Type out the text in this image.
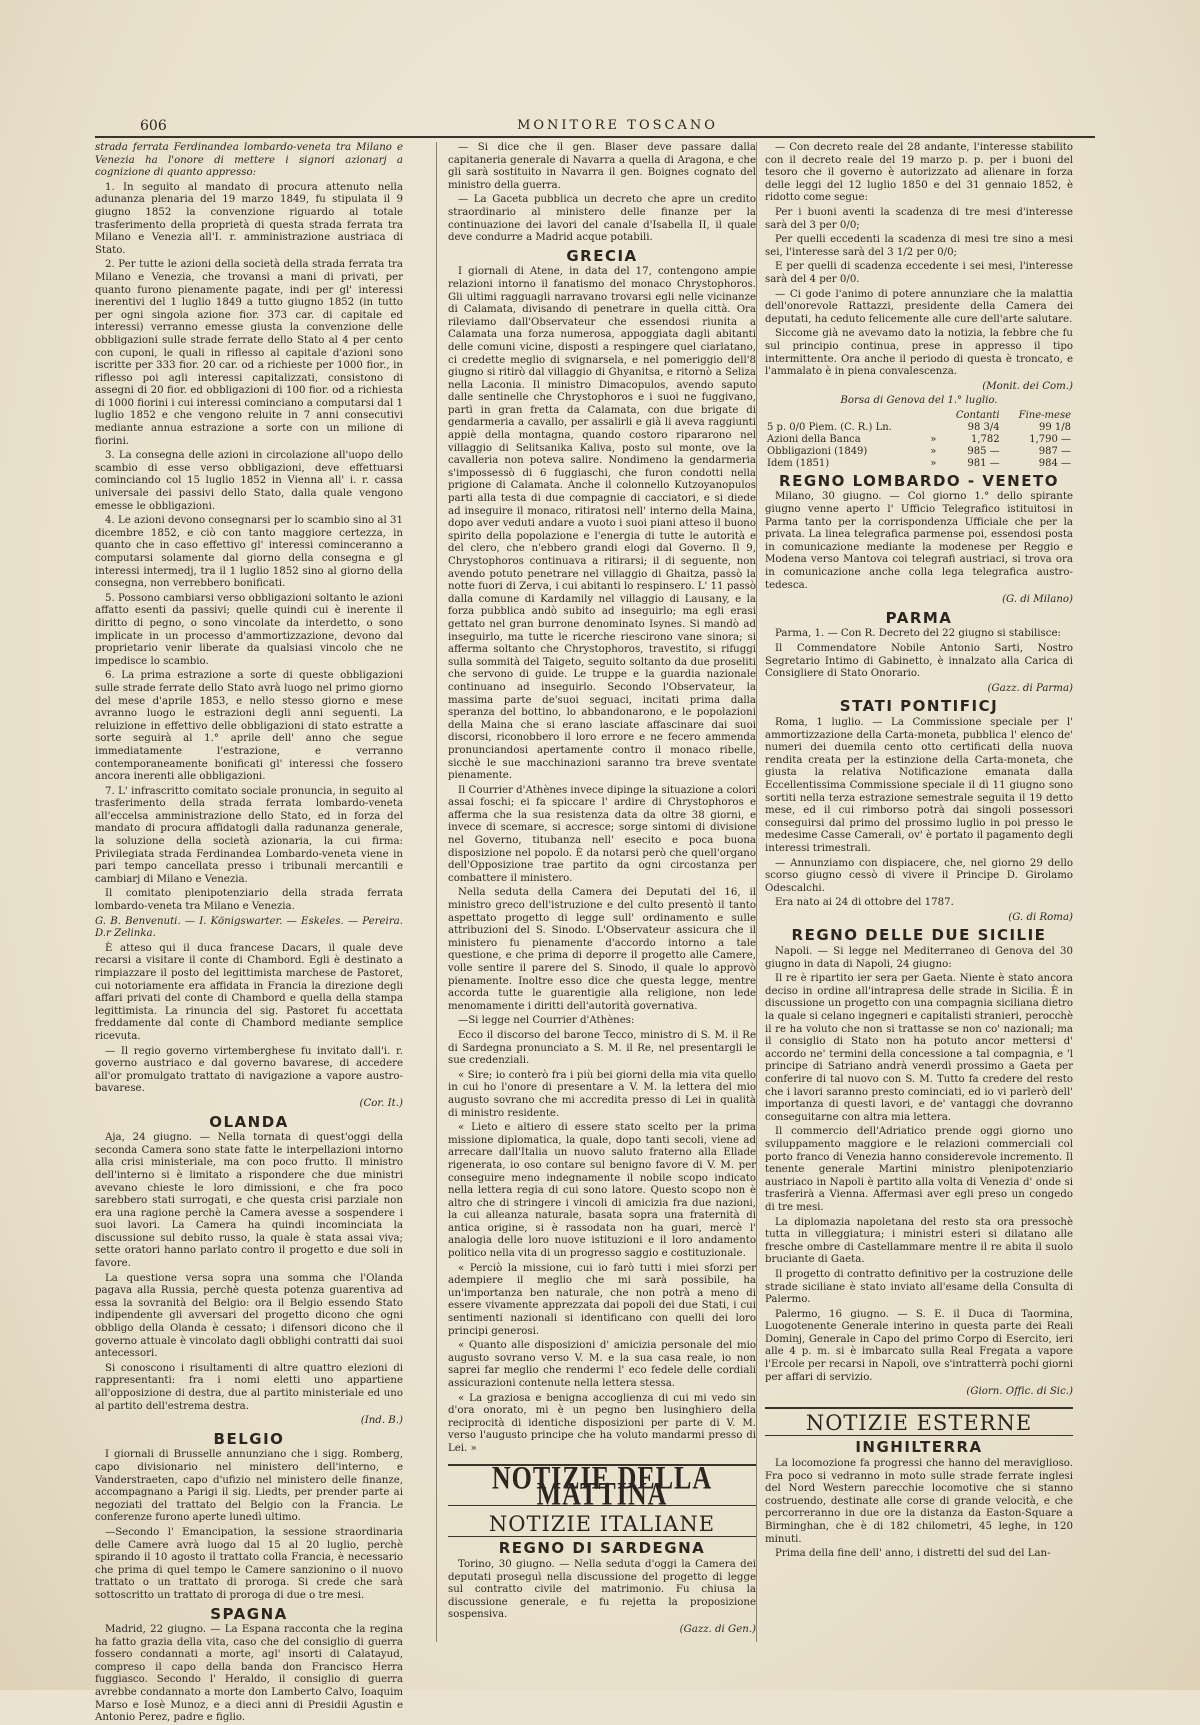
606	MONITORE TOSCANO

strada ferrata Ferdinandea lombardo-veneta tra Milano e Venezia ha l'onore di mettere i signori azionarj a cognizione di quanto appresso:

1. In seguito al mandato di procura attenuto nella adunanza plenaria del 19 marzo 1849, fu stipulata il 9 giugno 1852 la convenzione riguardo al totale trasferimento della proprietà di questa strada ferrata tra Milano e Venezia all'I. r. amministrazione austriaca di Stato.

2. Per tutte le azioni della società della strada ferrata tra Milano e Venezia, che trovansi a mani di privati, per quanto furono pienamente pagate, indi per gl' interessi inerentivi del 1 luglio 1849 a tutto giugno 1852 (in tutto per ogni singola azione fior. 373 car. di capitale ed interessi) verranno emesse giusta la convenzione delle obbligazioni sulle strade ferrate dello Stato al 4 per cento con cuponi, le quali in riflesso al capitale d'azioni sono iscritte per 333 fior. 20 car. od a richieste per 1000 fior., in riflesso poi agli interessi capitalizzati, consistono di assegni di 20 fior. ed obbligazioni di 100 fior. od a richiesta di 1000 fiorini i cui interessi cominciano a computarsi dal 1 luglio 1852 e che vengono reluite in 7 anni consecutivi mediante annua estrazione a sorte con un milione di fiorini.

3. La consegna delle azioni in circolazione all'uopo dello scambio di esse verso obbligazioni, deve effettuarsi cominciando col 15 luglio 1852 in Vienna all' i. r. cassa universale dei passivi dello Stato, dalla quale vengono emesse le obbligazioni.

4. Le azioni devono consegnarsi per lo scambio sino al 31 dicembre 1852, e ciò con tanto maggiore certezza, in quanto che in caso effettivo gl' interessi cominceranno a computarsi solamente dal giorno della consegna e gl interessi intermedj, tra il 1 luglio 1852 sino al giorno della consegna, non verrebbero bonificati.

5. Possono cambiarsi verso obbligazioni soltanto le azioni affatto esenti da passivi; quelle quindi cui è inerente il diritto di pegno, o sono vincolate da interdetto, o sono implicate in un processo d'ammortizzazione, devono dal proprietario venir liberate da qualsiasi vincolo che ne impedisce lo scambio.

6. La prima estrazione a sorte di queste obbligazioni sulle strade ferrate dello Stato avrà luogo nel primo giorno del mese d'aprile 1853, e nello stesso giorno e mese avranno luogo le estrazioni degli anni seguenti. La reluizione in effettivo delle obbligazioni di stato estratte a sorte seguirà al 1.° aprile dell' anno che segue immediatamente l'estrazione, e verranno contemporaneamente bonificati gl' interessi che fossero ancora inerenti alle obbligazioni.

7. L' infrascritto comitato sociale pronuncia, in seguito al trasferimento della strada ferrata lombardo-veneta all'eccelsa amministrazione dello Stato, ed in forza del mandato di procura affidatogli dalla radunanza generale, la soluzione della società azionaria, la cui firma: Privilegiata strada Ferdinandea Lombardo-veneta viene in pari tempo cancellata presso i tribunali mercantili e cambiarj di Milano e Venezia.

Il comitato plenipotenziario della strada ferrata lombardo-veneta tra Milano e Venezia.

G. B. Benvenuti. — I. Königswarter. — Eskeles. — Pereira. D.r Zelinka.

È atteso qui il duca francese Dacars, il quale deve recarsi a visitare il conte di Chambord. Egli è destinato a rimpiazzare il posto del legittimista marchese de Pastoret, cui notoriamente era affidata in Francia la direzione degli affari privati del conte di Chambord e quella della stampa legittimista. La rinuncia del sig. Pastoret fu accettata freddamente dal conte di Chambord mediante semplice ricevuta.

— Il regio governo virtemberghese fu invitato dall'i. r. governo austriaco e dal governo bavarese, di accedere all'or promulgato trattato di navigazione a vapore austro-bavarese.

(Cor. It.)

OLANDA

Aja, 24 giugno. — Nella tornata di quest'oggi della seconda Camera sono state fatte le interpellazioni intorno alla crisi ministeriale, ma con poco frutto. Il ministro dell'interno si è limitato a rispondere che due ministri avevano chieste le loro dimissioni, e che fra poco sarebbero stati surrogati, e che questa crisi parziale non era una ragione perchè la Camera avesse a sospendere i suoi lavori. La Camera ha quindi incominciata la discussione sul debito russo, la quale è stata assai viva; sette oratori hanno parlato contro il progetto e due soli in favore.

La questione versa sopra una somma che l'Olanda pagava alla Russia, perchè questa potenza guarentiva ad essa la sovranità del Belgio: ora il Belgio essendo Stato indipendente gli avversari del progetto dicono che ogni obbligo della Olanda è cessato; i difensori dicono che il governo attuale è vincolato dagli obblighi contratti dai suoi antecessori.

Si conoscono i risultamenti di altre quattro elezioni di rappresentanti: fra i nomi eletti uno appartiene all'opposizione di destra, due al partito ministeriale ed uno al partito dell'estrema destra.

(Ind. B.)

BELGIO

I giornali di Brusselle annunziano che i sigg. Romberg, capo divisionario nel ministero dell'interno, e Vanderstraeten, capo d'ufizio nel ministero delle finanze, accompagnano a Parigi il sig. Liedts, per prender parte ai negoziati del trattato del Belgio con la Francia. Le conferenze furono aperte lunedì ultimo.

—Secondo l' Emancipation, la sessione straordinaria delle Camere avrà luogo dal 15 al 20 luglio, perchè spirando il 10 agosto il trattato colla Francia, è necessario che prima di quel tempo le Camere sanzionino o il nuovo trattato o un trattato di proroga. Si crede che sarà sottoscritto un trattato di proroga di due o tre mesi.

SPAGNA

Madrid, 22 giugno. — La Espana racconta che la regina ha fatto grazia della vita, caso che del consiglio di guerra fossero condannati a morte, agl' insorti di Calatayud, compreso il capo della banda don Francisco Herra fuggiasco. Secondo l' Heraldo, il consiglio di guerra avrebbe condannato a morte don Lamberto Calvo, Ioaquim Marso e Iosè Munoz, e a dieci anni di Presidii Agustin e Antonio Perez, padre e figlio.

— Si dice che il gen. Blaser deve passare dalla capitaneria generale di Navarra a quella di Aragona, e che gli sarà sostituito in Navarra il gen. Boignes cognato del ministro della guerra.

— La Gaceta pubblica un decreto che apre un credito straordinario al ministero delle finanze per la continuazione dei lavori del canale d'Isabella II, il quale deve condurre a Madrid acque potabili.

GRECIA

I giornali di Atene, in data del 17, contengono ampie relazioni intorno il fanatismo del monaco Chrystophoros. Gli ultimi ragguagli narravano trovarsi egli nelle vicinanze di Calamata, divisando di penetrare in quella città. Ora rileviamo dall'Observateur che essendosi riunita a Calamata una forza numerosa, appoggiata dagli abitanti delle comuni vicine, disposti a respingere quel ciarlatano, ci credette meglio di svignarsela, e nel pomeriggio dell'8 giugno si ritirò dal villaggio di Ghyanitsa, e ritornò a Seliza nella Laconia. Il ministro Dimacopulos, avendo saputo dalle sentinelle che Chrystophoros e i suoi ne fuggivano, partì in gran fretta da Calamata, con due brigate di gendarmeria a cavallo, per assalirli e già li aveva raggiunti appiè della montagna, quando costoro ripararono nel villaggio di Selitsanika Kaliva, posto sul monte, ove la cavalleria non poteva salire. Nondimeno la gendarmeria s'impossessò di 6 fuggiaschi, che furon condotti nella prigione di Calamata. Anche il colonnello Kutzoyanopulos parti alla testa di due compagnie di cacciatori, e si diede ad inseguire il monaco, ritiratosi nell' interno della Maina, dopo aver veduti andare a vuoto i suoi piani atteso il buono spirito della popolazione e l'energia di tutte le autorità e del clero, che n'ebbero grandi elogi dal Governo. Il 9, Chrystophoros continuava a ritirarsi; il di seguente, non avendo potuto penetrare nel villaggio di Ghaitza, passò la notte fuori di Zerva, i cui abitanti lo respinsero. L' 11 passò dalla comune di Kardamily nel villaggio di Lausany, e la forza pubblica andò subito ad inseguirlo; ma egli erasi gettato nel gran burrone denominato Isynes. Si mandò ad inseguirlo, ma tutte le ricerche riescirono vane sinora; si afferma soltanto che Chrystophoros, travestito, si rifuggi sulla sommità del Taigeto, seguito soltanto da due proseliti che servono di guide. Le truppe e la guardia nazionale continuano ad inseguirlo. Secondo l'Observateur, la massima parte de'suoi seguaci, incitati prima dalla speranza del bottino, lo abbandonarono, e le popolazioni della Maina che si erano lasciate affascinare dai suoi discorsi, riconobbero il loro errore e ne fecero ammenda pronunciandosi apertamente contro il monaco ribelle, sicchè le sue macchinazioni saranno tra breve sventate pienamente.

Il Courrier d'Athènes invece dipinge la situazione a colori assai foschi; ei fa spiccare l' ardire di Chrystophoros e afferma che la sua resistenza data da oltre 38 giorni, e invece di scemare, si accresce; sorge sintomi di divisione nel Governo, titubanza nell' esecito e poca buona disposizione nel popolo. È da notarsi però che quell'organo dell'Opposizione trae partito da ogni circostanza per combattere il ministero.

Nella seduta della Camera dei Deputati del 16, il ministro greco dell'istruzione e del culto presentò il tanto aspettato progetto di legge sull' ordinamento e sulle attribuzioni del S. Sinodo. L'Observateur assicura che il ministero fu pienamente d'accordo intorno a tale questione, e che prima di deporre il progetto alle Camere, volle sentire il parere del S. Sinodo, il quale lo approvò pienamente. Inoltre esso dice che questa legge, mentre accorda tutte le guarentigie alla religione, non lede menomamente i diritti dell'autorità governativa.

—Si legge nel Courrier d'Athènes:

Ecco il discorso del barone Tecco, ministro di S. M. il Re di Sardegna pronunciato a S. M. il Re, nel presentargli le sue credenziali.

« Sire; io conterò fra i più bei giorni della mia vita quello in cui ho l'onore di presentare a V. M. la lettera del mio augusto sovrano che mi accredita presso di Lei in qualità di ministro residente.

« Lieto e altiero di essere stato scelto per la prima missione diplomatica, la quale, dopo tanti secoli, viene ad arrecare dall'Italia un nuovo saluto fraterno alla Ellade rigenerata, io oso contare sul benigno favore di V. M. per conseguire meno indegnamente il nobile scopo indicato nella lettera regia di cui sono latore. Questo scopo non è altro che di stringere i vincoli di amicizia fra due nazioni, la cui alleanza naturale, basata sopra una fraternità di antica origine, si è rassodata non ha guari, mercè l' analogia delle loro nuove istituzioni e il loro andamento politico nella vita di un progresso saggio e costituzionale.

« Perciò la missione, cui io farò tutti i miei sforzi per adempiere il meglio che mi sarà possibile, ha un'importanza ben naturale, che non potrà a meno di essere vivamente apprezzata dai popoli dei due Stati, i cui sentimenti nazionali si identificano con quelli dei loro principi generosi.

« Quanto alle disposizioni d' amicizia personale del mio augusto sovrano verso V. M. e la sua casa reale, io non saprei far meglio che rendermi l' eco fedele delle cordiali assicurazioni contenute nella lettera stessa.

« La graziosa e benigna accoglienza di cui mi vedo sin d'ora onorato, mi è un pegno ben lusinghiero della reciprocità di identiche disposizioni per parte di V. M. verso l'augusto principe che ha voluto mandarmi presso di Lei. »

NOTIZIE DELLA MATTINA
NOTIZIE ITALIANE
REGNO DI SARDEGNA

Torino, 30 giugno. — Nella seduta d'oggi la Camera dei deputati proseguì nella discussione del progetto di legge sul contratto civile del matrimonio. Fu chiusa la discussione generale, e fu rejetta la proposizione sospensiva.

(Gazz. di Gen.)

— Con decreto reale del 28 andante, l'interesse stabilito con il decreto reale del 19 marzo p. p. per i buoni del tesoro che il governo è autorizzato ad alienare in forza delle leggi del 12 luglio 1850 e del 31 gennaio 1852, è ridotto come segue:

Per i buoni aventi la scadenza di tre mesi d'interesse sarà del 3 per 0/0;

Per quelli eccedenti la scadenza di mesi tre sino a mesi sei, l'interesse sarà del 3 1/2 per 0/0;

E per quelli di scadenza eccedente i sei mesi, l'interesse sarà del 4 per 0/0.

— Ci gode l'animo di potere annunziare che la malattia dell'onorevole Rattazzi, presidente della Camera dei deputati, ha ceduto felicemente alle cure dell'arte salutare.

Siccome già ne avevamo dato la notizia, la febbre che fu sul principio continua, prese in appresso il tipo intermittente. Ora anche il periodo di questa è troncato, e l'ammalato è in piena convalescenza.

(Monit. dei Com.)

Borsa di Genova del 1.° luglio.

		Contanti	Fine-mese
5 p. 0/0 Piem. (C. R.) Ln.		98 3/4	99 1/8
Azioni della Banca	»	1,782	1,790 —
Obbligazioni (1849)	»	985 —	987 —
Idem (1851)	»	981 —	984 —
REGNO LOMBARDO - VENETO

Milano, 30 giugno. — Col giorno 1.° dello spirante giugno venne aperto l' Ufficio Telegrafico istituitosi in Parma tanto per la corrispondenza Ufficiale che per la privata. La linea telegrafica parmense poi, essendosi posta in comunicazione mediante la modenese per Reggio e Modena verso Mantova coi telegrafi austriaci, si trova ora in comunicazione anche colla lega telegrafica austro-tedesca.

(G. di Milano)

PARMA

Parma, 1. — Con R. Decreto del 22 giugno si stabilisce:

Il Commendatore Nobile Antonio Sarti, Nostro Segretario Intimo di Gabinetto, è innalzato alla Carica di Consigliere di Stato Onorario.

(Gazz. di Parma)

STATI PONTIFICJ

Roma, 1 luglio. — La Commissione speciale per l' ammortizzazione della Carta-moneta, pubblica l' elenco de' numeri dei duemila cento otto certificati della nuova rendita creata per la estinzione della Carta-moneta, che giusta la relativa Notificazione emanata dalla Eccellentissima Commissione speciale il dì 11 giugno sono sortiti nella terza estrazione semestrale seguita il 19 detto mese, ed il cui rimborso potrà dai singoli possessori conseguirsi dal primo del prossimo luglio in poi presso le medesime Casse Camerali, ov' è portato il pagamento degli interessi trimestrali.

— Annunziamo con dispiacere, che, nel giorno 29 dello scorso giugno cessò di vivere il Principe D. Girolamo Odescalchi.

Era nato ai 24 di ottobre del 1787.

(G. di Roma)

REGNO DELLE DUE SICILIE

Napoli. — Si legge nel Mediterraneo di Genova del 30 giugno in data di Napoli, 24 giugno:

Il re è ripartito ier sera per Gaeta. Niente è stato ancora deciso in ordine all'intrapresa delle strade in Sicilia. È in discussione un progetto con una compagnia siciliana dietro la quale si celano ingegneri e capitalisti stranieri, perocchè il re ha voluto che non si trattasse se non co' nazionali; ma il consiglio di Stato non ha potuto ancor mettersi d' accordo ne' termini della concessione a tal compagnia, e 'l principe di Satriano andrà venerdì prossimo a Gaeta per conferire di tal nuovo con S. M. Tutto fa credere del resto che i lavori saranno presto cominciati, ed io vi parlerò dell' importanza di questi lavori, e de' vantaggi che dovranno conseguitarne con altra mia lettera.

Il commercio dell'Adriatico prende oggi giorno uno sviluppamento maggiore e le relazioni commerciali col porto franco di Venezia hanno considerevole incremento. Il tenente generale Martini ministro plenipotenziario austriaco in Napoli è partito alla volta di Venezia d' onde si trasferirà a Vienna. Affermasi aver egli preso un congedo di tre mesi.

La diplomazia napoletana del resto sta ora pressochè tutta in villeggiatura; i ministri esteri si dilatano alle fresche ombre di Castellammare mentre il re abita il suolo bruciante di Gaeta.

Il progetto di contratto definitivo per la costruzione delle strade siciliane è stato inviato all'esame della Consulta di Palermo.

Palermo, 16 giugno. — S. E. il Duca di Taormina, Luogotenente Generale interino in questa parte dei Reali Dominj, Generale in Capo del primo Corpo di Esercito, ieri alle 4 p. m. si è imbarcato sulla Real Fregata a vapore l'Ercole per recarsi in Napoli, ove s'intratterrà pochi giorni per affari di servizio.

(Giorn. Offic. di Sic.)

NOTIZIE ESTERNE
INGHILTERRA

La locomozione fa progressi che hanno del meraviglioso. Fra poco si vedranno in moto sulle strade ferrate inglesi del Nord Western parecchie locomotive che si stanno costruendo, destinate alle corse di grande velocità, e che percorreranno in due ore la distanza da Easton-Square a Birminghan, che è di 182 chilometri, 45 leghe, in 120 minuti.

Prima della fine dell' anno, i distretti del sud del Lan-
